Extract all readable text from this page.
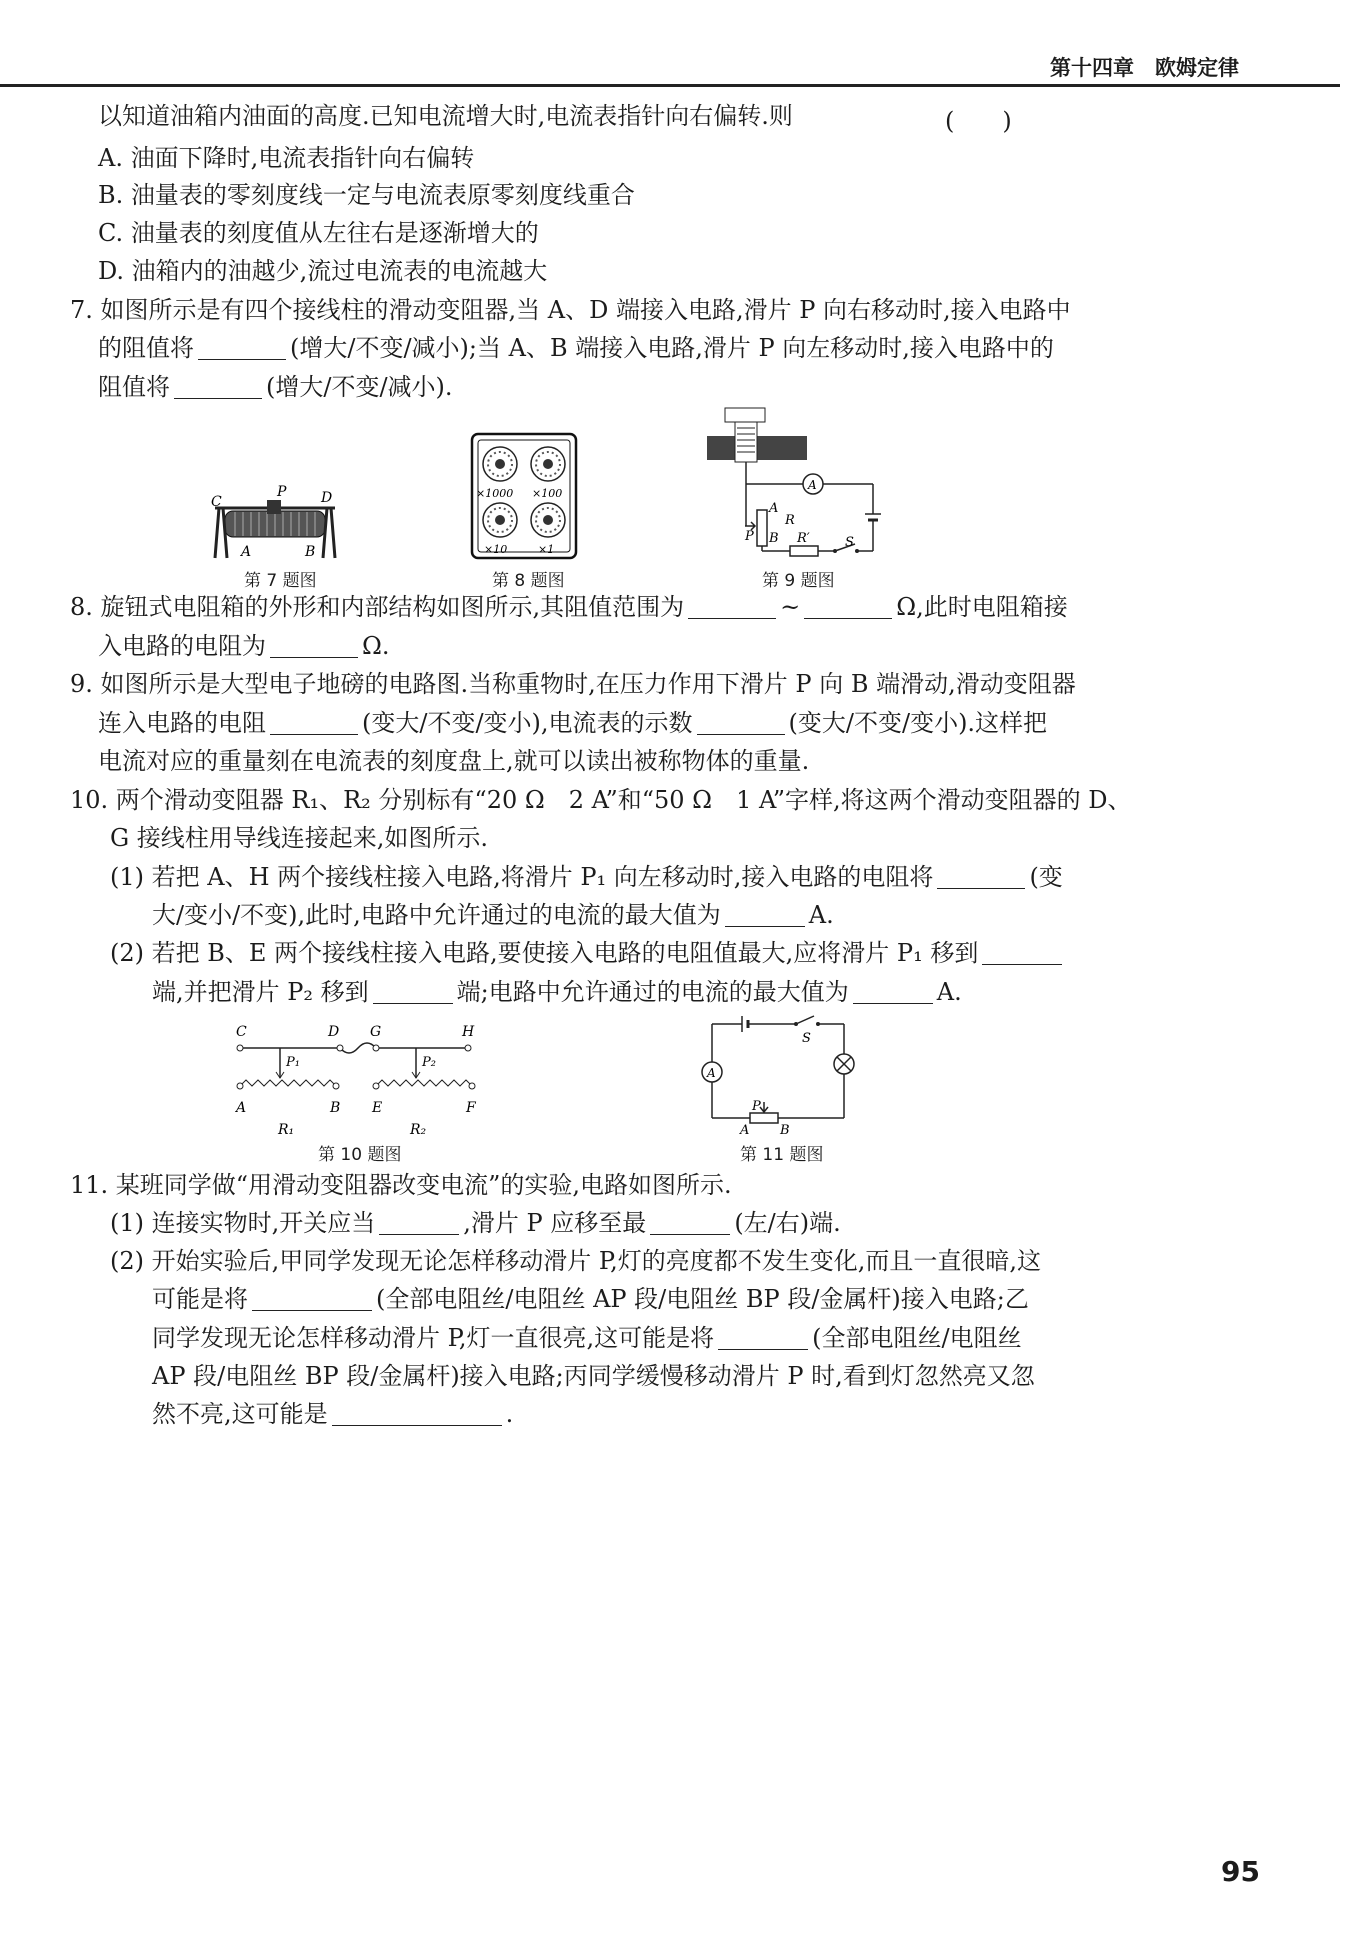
第十四章　欧姆定律
以知道油箱内油面的高度.已知电流增大时,电流表指针向右偏转.则	(　　)
A. 油面下降时,电流表指针向右偏转
B. 油量表的零刻度线一定与电流表原零刻度线重合
C. 油量表的刻度值从左往右是逐渐增大的
D. 油箱内的油越少,流过电流表的电流越大
7. 如图所示是有四个接线柱的滑动变阻器,当 A、D 端接入电路,滑片 P 向右移动时,接入电路中
的阻值将	(增大/不变/减小);当 A、B 端接入电路,滑片 P 向左移动时,接入电路中的
阻值将	(增大/不变/减小).
C
P D
A	B
第 7 题图
×1000 ×100
×10	×1
第 8 题图
A
A
R
P B R′	S
第 9 题图
8. 旋钮式电阻箱的外形和内部结构如图所示,其阻值范围为	~	Ω,此时电阻箱接
入电路的电阻为	Ω.
9. 如图所示是大型电子地磅的电路图.当称重物时,在压力作用下滑片 P 向 B 端滑动,滑动变阻器
连入电路的电阻	(变大/不变/变小),电流表的示数	(变大/不变/变小).这样把
电流对应的重量刻在电流表的刻度盘上,就可以读出被称物体的重量.
10. 两个滑动变阻器 R₁、R₂ 分别标有“20 Ω　2 A”和“50 Ω　1 A”字样,将这两个滑动变阻器的 D、
G 接线柱用导线连接起来,如图所示.
(1) 若把 A、H 两个接线柱接入电路,将滑片 P₁ 向左移动时,接入电路的电阻将	(变
大/变小/不变),此时,电路中允许通过的电流的最大值为	A.
(2) 若把 B、E 两个接线柱接入电路,要使接入电路的电阻值最大,应将滑片 P₁ 移到
端,并把滑片 P₂ 移到	端;电路中允许通过的电流的最大值为	A.
C	D G	H
P₁	P₂
A	B E	F
R₁	R₂
第 10 题图
A
S
P
A B
第 11 题图
11. 某班同学做“用滑动变阻器改变电流”的实验,电路如图所示.
(1) 连接实物时,开关应当	,滑片 P 应移至最	(左/右)端.
(2) 开始实验后,甲同学发现无论怎样移动滑片 P,灯的亮度都不发生变化,而且一直很暗,这
可能是将	(全部电阻丝/电阻丝 AP 段/电阻丝 BP 段/金属杆)接入电路;乙
同学发现无论怎样移动滑片 P,灯一直很亮,这可能是将	(全部电阻丝/电阻丝
AP 段/电阻丝 BP 段/金属杆)接入电路;丙同学缓慢移动滑片 P 时,看到灯忽然亮又忽
然不亮,这可能是	.
95
